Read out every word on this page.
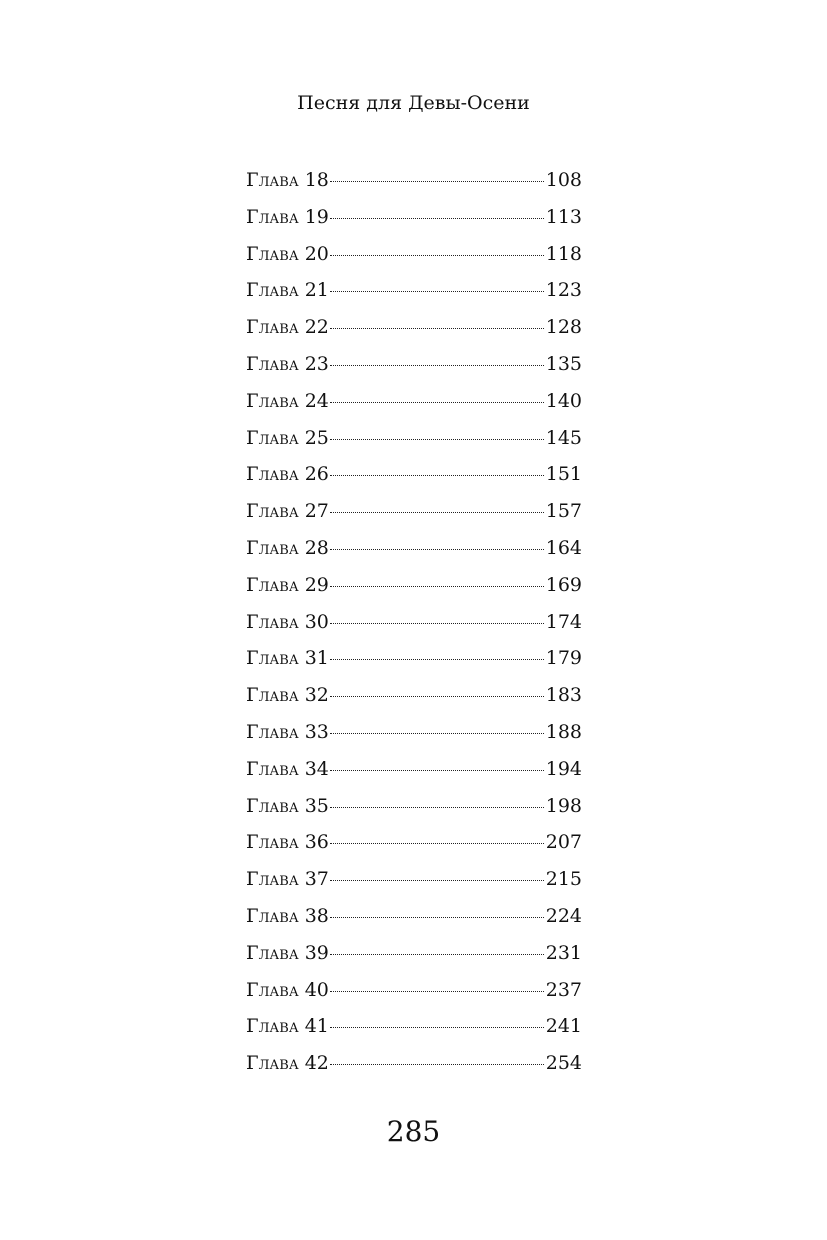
Песня для Девы-Осени
Глава 18	108
Глава 19	113
Глава 20	118
Глава 21	123
Глава 22	128
Глава 23	135
Глава 24	140
Глава 25	145
Глава 26	151
Глава 27	157
Глава 28	164
Глава 29	169
Глава 30	174
Глава 31	179
Глава 32	183
Глава 33	188
Глава 34	194
Глава 35	198
Глава 36	207
Глава 37	215
Глава 38	224
Глава 39	231
Глава 40	237
Глава 41	241
Глава 42	254
285
